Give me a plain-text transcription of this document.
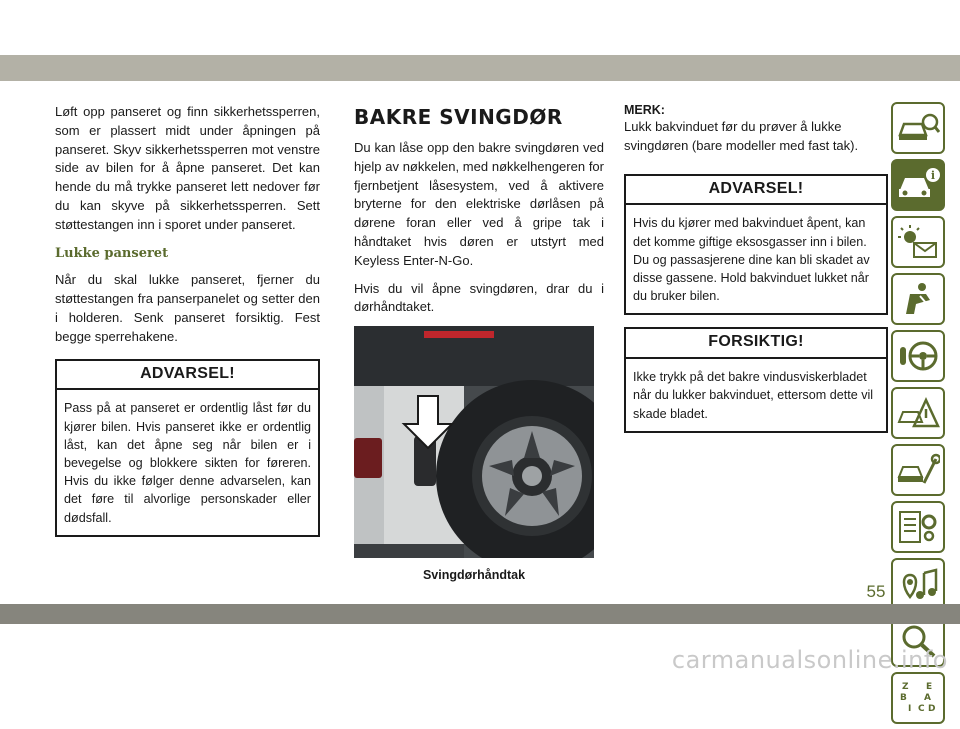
Løft opp panseret og finn sikkerhetssperren, som er plassert midt under åpningen på panseret. Skyv sikkerhetssperren mot venstre side av bilen for å åpne panseret. Det kan hende du må trykke panseret lett nedover før du kan skyve på sikkerhetssperren. Sett støttestangen inn i sporet under panseret.

Lukke panseret

Når du skal lukke panseret, fjerner du støttestangen fra panserpanelet og setter den i holderen. Senk panseret forsiktig. Fest begge sperrehakene.

ADVARSEL!
Pass på at panseret er ordentlig låst før du kjører bilen. Hvis panseret ikke er ordentlig låst, kan det åpne seg når bilen er i bevegelse og blokkere sikten for føreren. Hvis du ikke følger denne advarselen, kan det føre til alvorlige personskader eller dødsfall.
BAKRE SVINGDØR

Du kan låse opp den bakre svingdøren ved hjelp av nøkkelen, med nøkkelhengeren for fjernbetjent låsesystem, ved å aktivere bryterne for den elektriske dørlåsen på dørene foran eller ved å gripe tak i håndtaket hvis døren er utstyrt med Keyless Enter-N-Go.

Hvis du vil åpne svingdøren, drar du i dørhåndtaket.

Svingdørhåndtak
MERK:

Lukk bakvinduet før du prøver å lukke svingdøren (bare modeller med fast tak).

ADVARSEL!
Hvis du kjører med bakvinduet åpent, kan det komme giftige eksosgasser inn i bilen. Du og passasjerene dine kan bli skadet av disse gassene. Hold bakvinduet lukket når du bruker bilen.
FORSIKTIG!
Ikke trykk på det bakre vindusviskerbladet når du lukker bakvinduet, ettersom dette vil skade bladet.
i
Z E
B A
I C D
55
carmanualsonline.info
